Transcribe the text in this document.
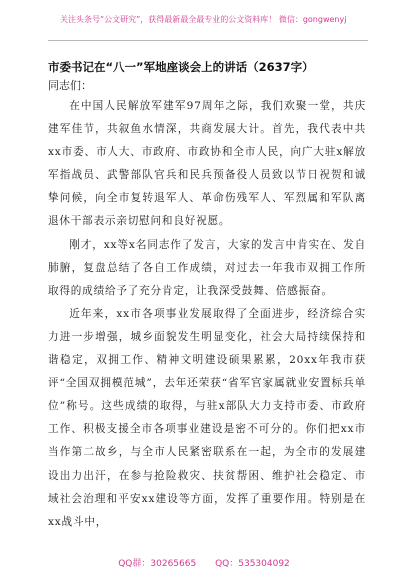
关注头条号“公文研究”，获得最新最全最专业的公文资料库！ 微信：gongwenyj
市委书记在“八一”军地座谈会上的讲话（2637字）
同志们：

在中国人民解放军建军97周年之际，我们欢聚一堂，共庆建军佳节，共叙鱼水情深，共商发展大计。首先，我代表中共xx市委、市人大、市政府、市政协和全市人民，向广大驻x解放军指战员、武警部队官兵和民兵预备役人员致以节日祝贺和诚挚问候，向全市复转退军人、革命伤残军人、军烈属和军队离退休干部表示亲切慰问和良好祝愿。

刚才，xx等x名同志作了发言，大家的发言中肯实在、发自肺腑，复盘总结了各自工作成绩，对过去一年我市双拥工作所取得的成绩给予了充分肯定，让我深受鼓舞、倍感振奋。

近年来，xx市各项事业发展取得了全面进步，经济综合实力进一步增强，城乡面貌发生明显变化，社会大局持续保持和谐稳定，双拥工作、精神文明建设硕果累累，20xx年我市获评“全国双拥模范城”，去年还荣获“省军官家属就业安置标兵单位”称号。这些成绩的取得，与驻x部队大力支持市委、市政府工作、积极支援全市各项事业建设是密不可分的。你们把xx市当作第二故乡，与全市人民紧密联系在一起，为全市的发展建设出力出汗，在参与抢险救灾、扶贫帮困、维护社会稳定、市域社会治理和平安xx建设等方面，发挥了重要作用。特别是在xx战斗中，

QQ群：30265665 QQ：535304092
